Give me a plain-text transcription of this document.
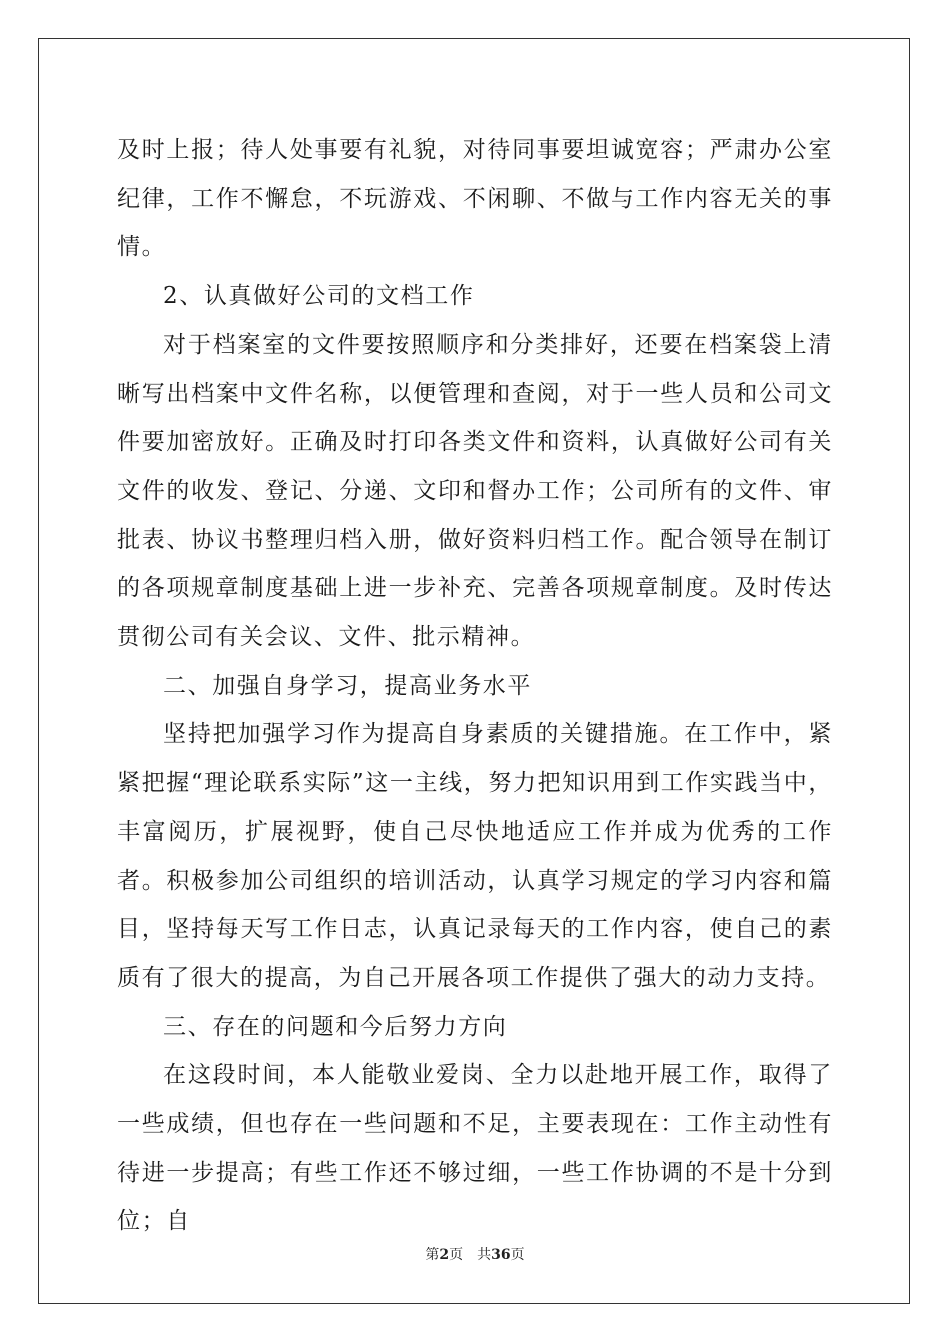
及时上报；待人处事要有礼貌，对待同事要坦诚宽容；严肃办公室纪律，工作不懈怠，不玩游戏、不闲聊、不做与工作内容无关的事情。

2、认真做好公司的文档工作

对于档案室的文件要按照顺序和分类排好，还要在档案袋上清晰写出档案中文件名称，以便管理和查阅，对于一些人员和公司文件要加密放好。正确及时打印各类文件和资料，认真做好公司有关文件的收发、登记、分递、文印和督办工作；公司所有的文件、审批表、协议书整理归档入册，做好资料归档工作。配合领导在制订的各项规章制度基础上进一步补充、完善各项规章制度。及时传达贯彻公司有关会议、文件、批示精神。

二、加强自身学习，提高业务水平

坚持把加强学习作为提高自身素质的关键措施。在工作中，紧紧把握“理论联系实际”这一主线，努力把知识用到工作实践当中，丰富阅历，扩展视野，使自己尽快地适应工作并成为优秀的工作者。积极参加公司组织的培训活动，认真学习规定的学习内容和篇目，坚持每天写工作日志，认真记录每天的工作内容，使自己的素质有了很大的提高，为自己开展各项工作提供了强大的动力支持。

三、存在的问题和今后努力方向

在这段时间，本人能敬业爱岗、全力以赴地开展工作，取得了一些成绩，但也存在一些问题和不足，主要表现在：工作主动性有待进一步提高；有些工作还不够过细，一些工作协调的不是十分到位；自

第2页　共36页
